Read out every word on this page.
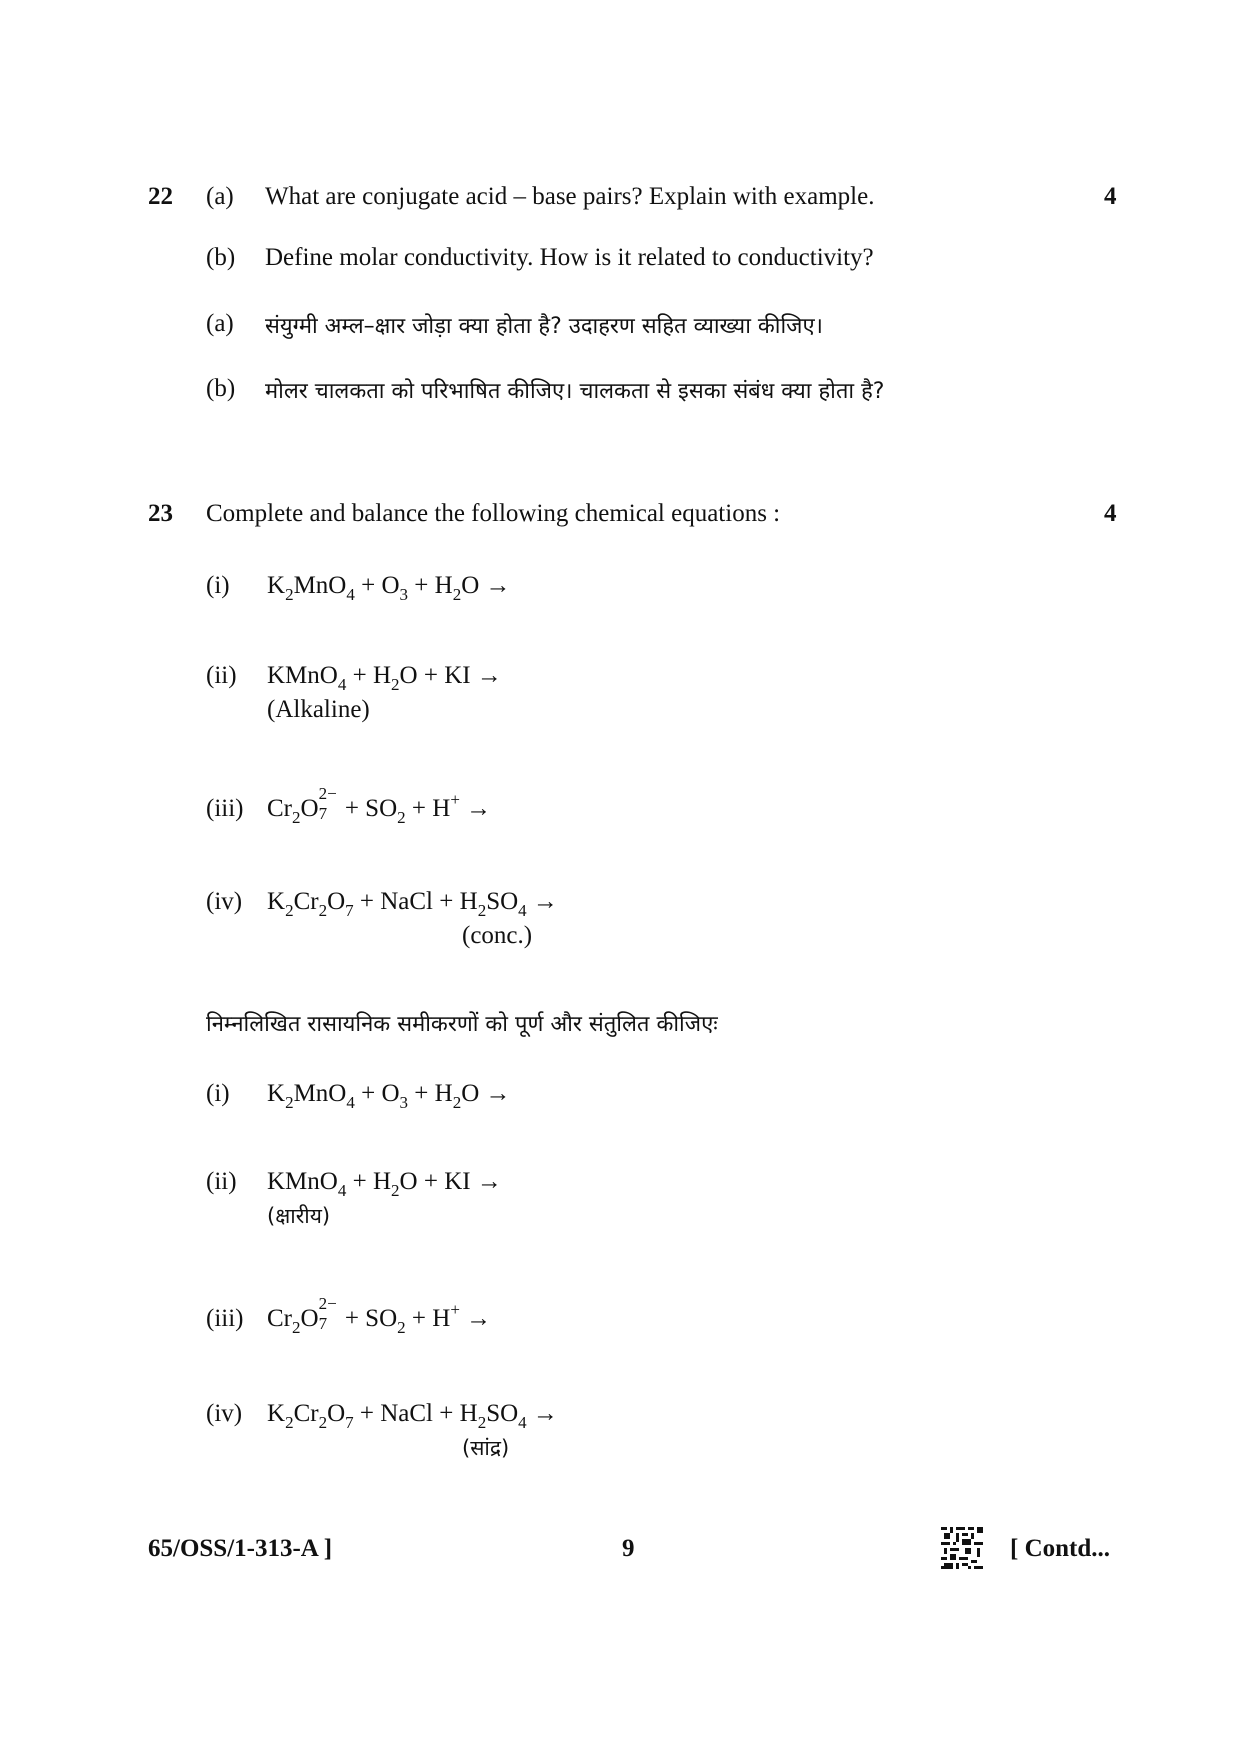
22 (a) What are conjugate acid – base pairs? Explain with example.	4
(b) Define molar conductivity. How is it related to conductivity?
(a) संयुग्मी अम्ल–क्षार जोड़ा क्या होता है? उदाहरण सहित व्याख्या कीजिए।
(b) मोलर चालकता को परिभाषित कीजिए। चालकता से इसका संबंध क्या होता है?
23 Complete and balance the following chemical equations :	4
(i) $K_2MnO_4 + O_3 + H_2O$ →
(ii) KMnO$_4$ + $H_2O$ + KI →
(Alkaline)
(iii) $Cr_2O$
2−
$7 + SO_2 + H^+$ →
(iv) $K_2Cr_2O_7$ + NaCl + $H_2SO_4$ →
(conc.)
निम्नलिखित रासायनिक समीकरणों को पूर्ण और संतुलित कीजिएः
(i) $K_2MnO_4 + O_3 + H_2O$ →
(ii) KMnO$_4$ + $H_2O$ + KI →
(क्षारीय)
(iii) $Cr_2O$
2−
$7 + SO_2 + H^+$ →
(iv) $K_2Cr_2O_7$ + NaCl + $H_2SO_4$ →
(सांद्र)
65/OSS/1-313-A ]	9	[ Contd...
